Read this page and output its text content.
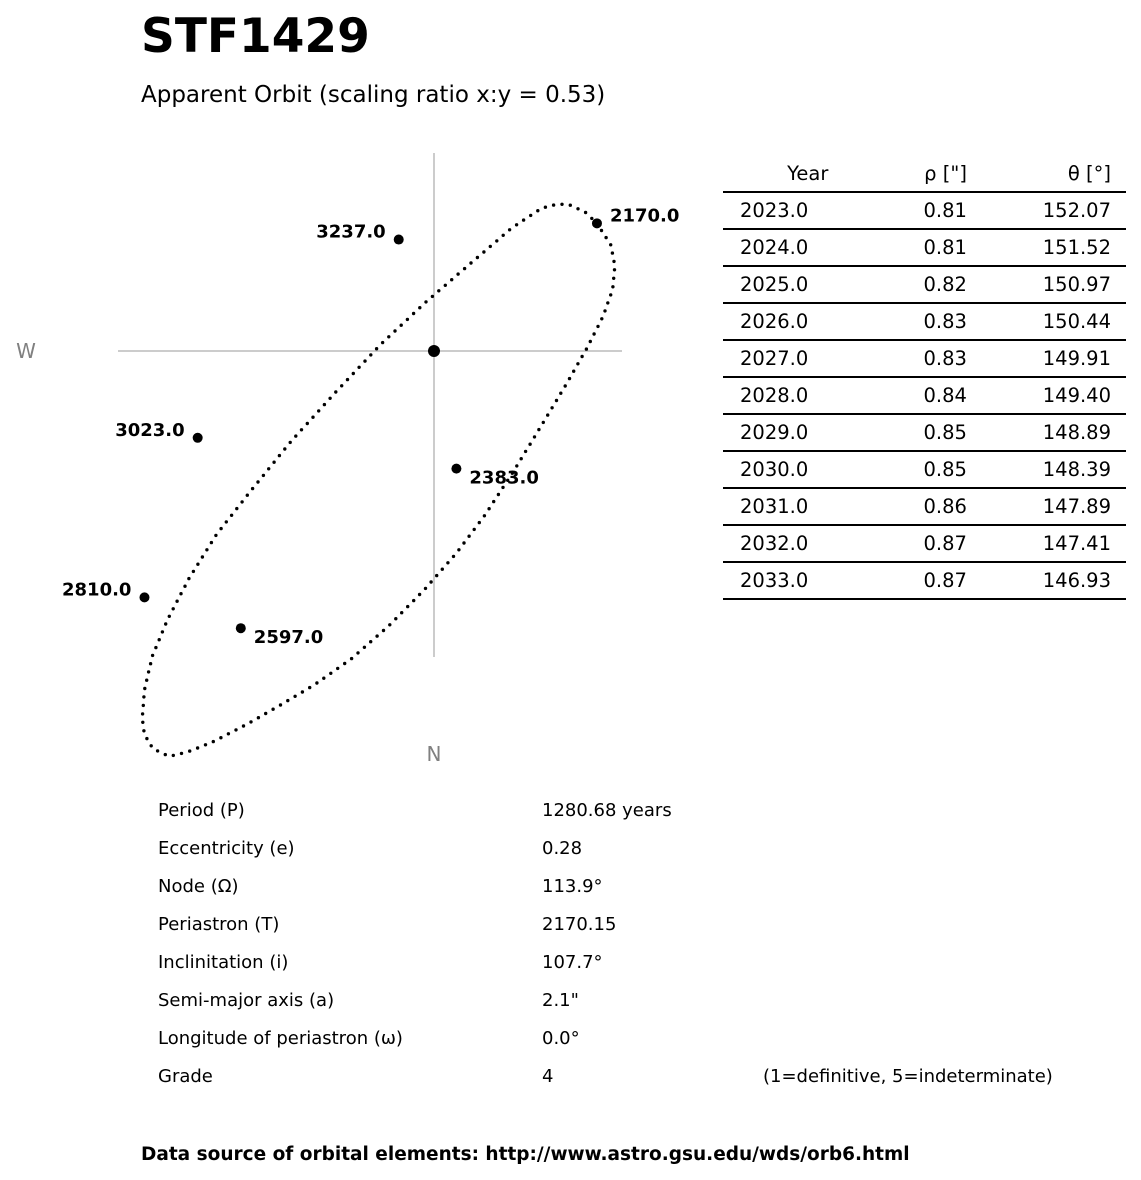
STF1429
Apparent Orbit (scaling ratio x:y = 0.53)
W
N
2170.0
2383.0
2597.0
2810.0
3023.0
3237.0
Year	ρ ["]	θ [°]
2023.0	0.81	152.07
2024.0	0.81	151.52
2025.0	0.82	150.97
2026.0	0.83	150.44
2027.0	0.83	149.91
2028.0	0.84	149.40
2029.0	0.85	148.89
2030.0	0.85	148.39
2031.0	0.86	147.89
2032.0	0.87	147.41
2033.0	0.87	146.93
Period (P)	1280.68 years
Eccentricity (e)	0.28
Node (Ω)	113.9°
Periastron (T)	2170.15
Inclinitation (i)	107.7°
Semi-major axis (a)	2.1"
Longitude of periastron (ω)	0.0°
Grade	4	(1=definitive, 5=indeterminate)
Data source of orbital elements: http://www.astro.gsu.edu/wds/orb6.html
